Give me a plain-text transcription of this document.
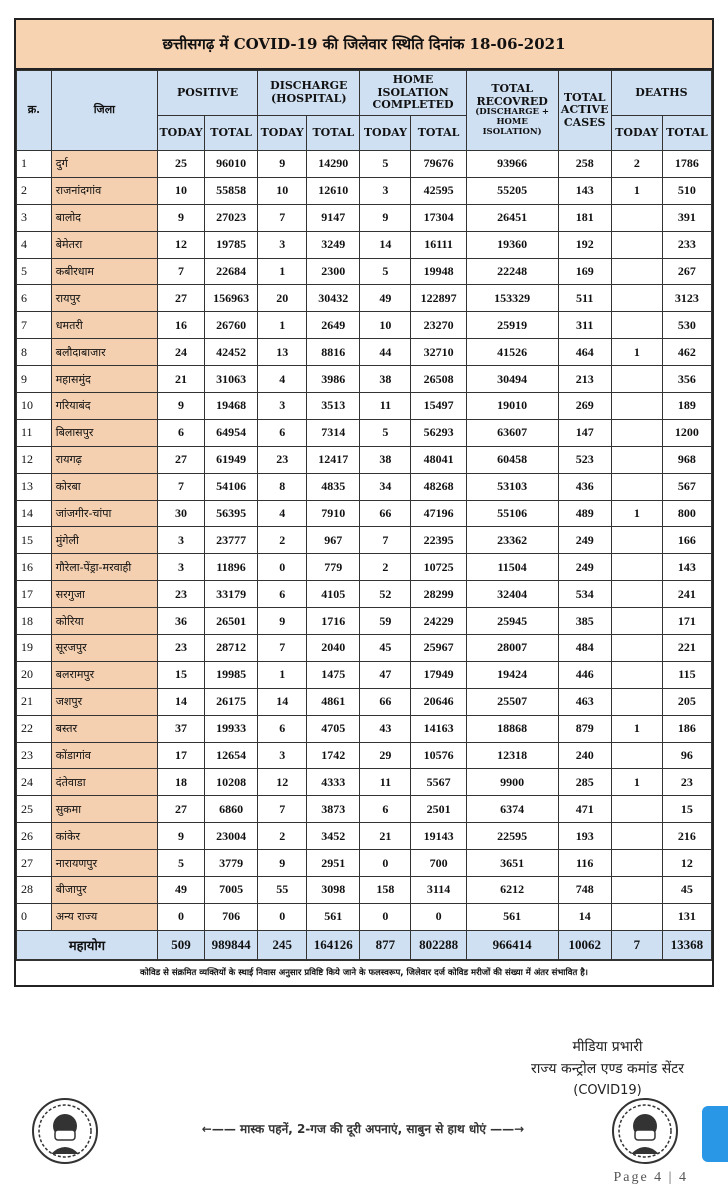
छत्तीसगढ़ में COVID-19 की जिलेवार स्थिति दिनांक 18-06-2021
क्र.	जिला	POSITIVE		DISCHARGE (HOSPITAL)		HOME ISOLATION COMPLETED		TOTAL RECOVRED
(DISCHARGE + HOME ISOLATION)	TOTAL ACTIVE CASES	DEATHS	
		TODAY	TOTAL	TODAY	TOTAL	TODAY	TOTAL			TODAY	TOTAL
1	दुर्ग	25	96010	9	14290	5	79676	93966	258	2	1786
2	राजनांदगांव	10	55858	10	12610	3	42595	55205	143	1	510
3	बालोद	9	27023	7	9147	9	17304	26451	181		391
4	बेमेतरा	12	19785	3	3249	14	16111	19360	192		233
5	कबीरधाम	7	22684	1	2300	5	19948	22248	169		267
6	रायपुर	27	156963	20	30432	49	122897	153329	511		3123
7	धमतरी	16	26760	1	2649	10	23270	25919	311		530
8	बलौदाबाजार	24	42452	13	8816	44	32710	41526	464	1	462
9	महासमुंद	21	31063	4	3986	38	26508	30494	213		356
10	गरियाबंद	9	19468	3	3513	11	15497	19010	269		189
11	बिलासपुर	6	64954	6	7314	5	56293	63607	147		1200
12	रायगढ़	27	61949	23	12417	38	48041	60458	523		968
13	कोरबा	7	54106	8	4835	34	48268	53103	436		567
14	जांजगीर-चांपा	30	56395	4	7910	66	47196	55106	489	1	800
15	मुंगेली	3	23777	2	967	7	22395	23362	249		166
16	गौरेला-पेंड्रा-मरवाही	3	11896	0	779	2	10725	11504	249		143
17	सरगुजा	23	33179	6	4105	52	28299	32404	534		241
18	कोरिया	36	26501	9	1716	59	24229	25945	385		171
19	सूरजपुर	23	28712	7	2040	45	25967	28007	484		221
20	बलरामपुर	15	19985	1	1475	47	17949	19424	446		115
21	जशपुर	14	26175	14	4861	66	20646	25507	463		205
22	बस्तर	37	19933	6	4705	43	14163	18868	879	1	186
23	कोंडागांव	17	12654	3	1742	29	10576	12318	240		96
24	दंतेवाडा	18	10208	12	4333	11	5567	9900	285	1	23
25	सुकमा	27	6860	7	3873	6	2501	6374	471		15
26	कांकेर	9	23004	2	3452	21	19143	22595	193		216
27	नारायणपुर	5	3779	9	2951	0	700	3651	116		12
28	बीजापुर	49	7005	55	3098	158	3114	6212	748		45
0	अन्य राज्य	0	706	0	561	0	0	561	14		131
महायोग		509	989844	245	164126	877	802288	966414	10062	7	13368
कोविड से संक्रमित व्यक्तियों के स्थाई निवास अनुसार प्रविष्टि किये जाने के फलस्वरूप, जिलेवार दर्ज कोविड मरीजों की संख्या में अंतर संभावित है।
मीडिया प्रभारी
राज्य कन्ट्रोल एण्ड कमांड सेंटर
(COVID19)
←—— मास्क पहनें, 2-गज की दूरी अपनाएं, साबुन से हाथ धोएं ——→
Page 4 | 4
